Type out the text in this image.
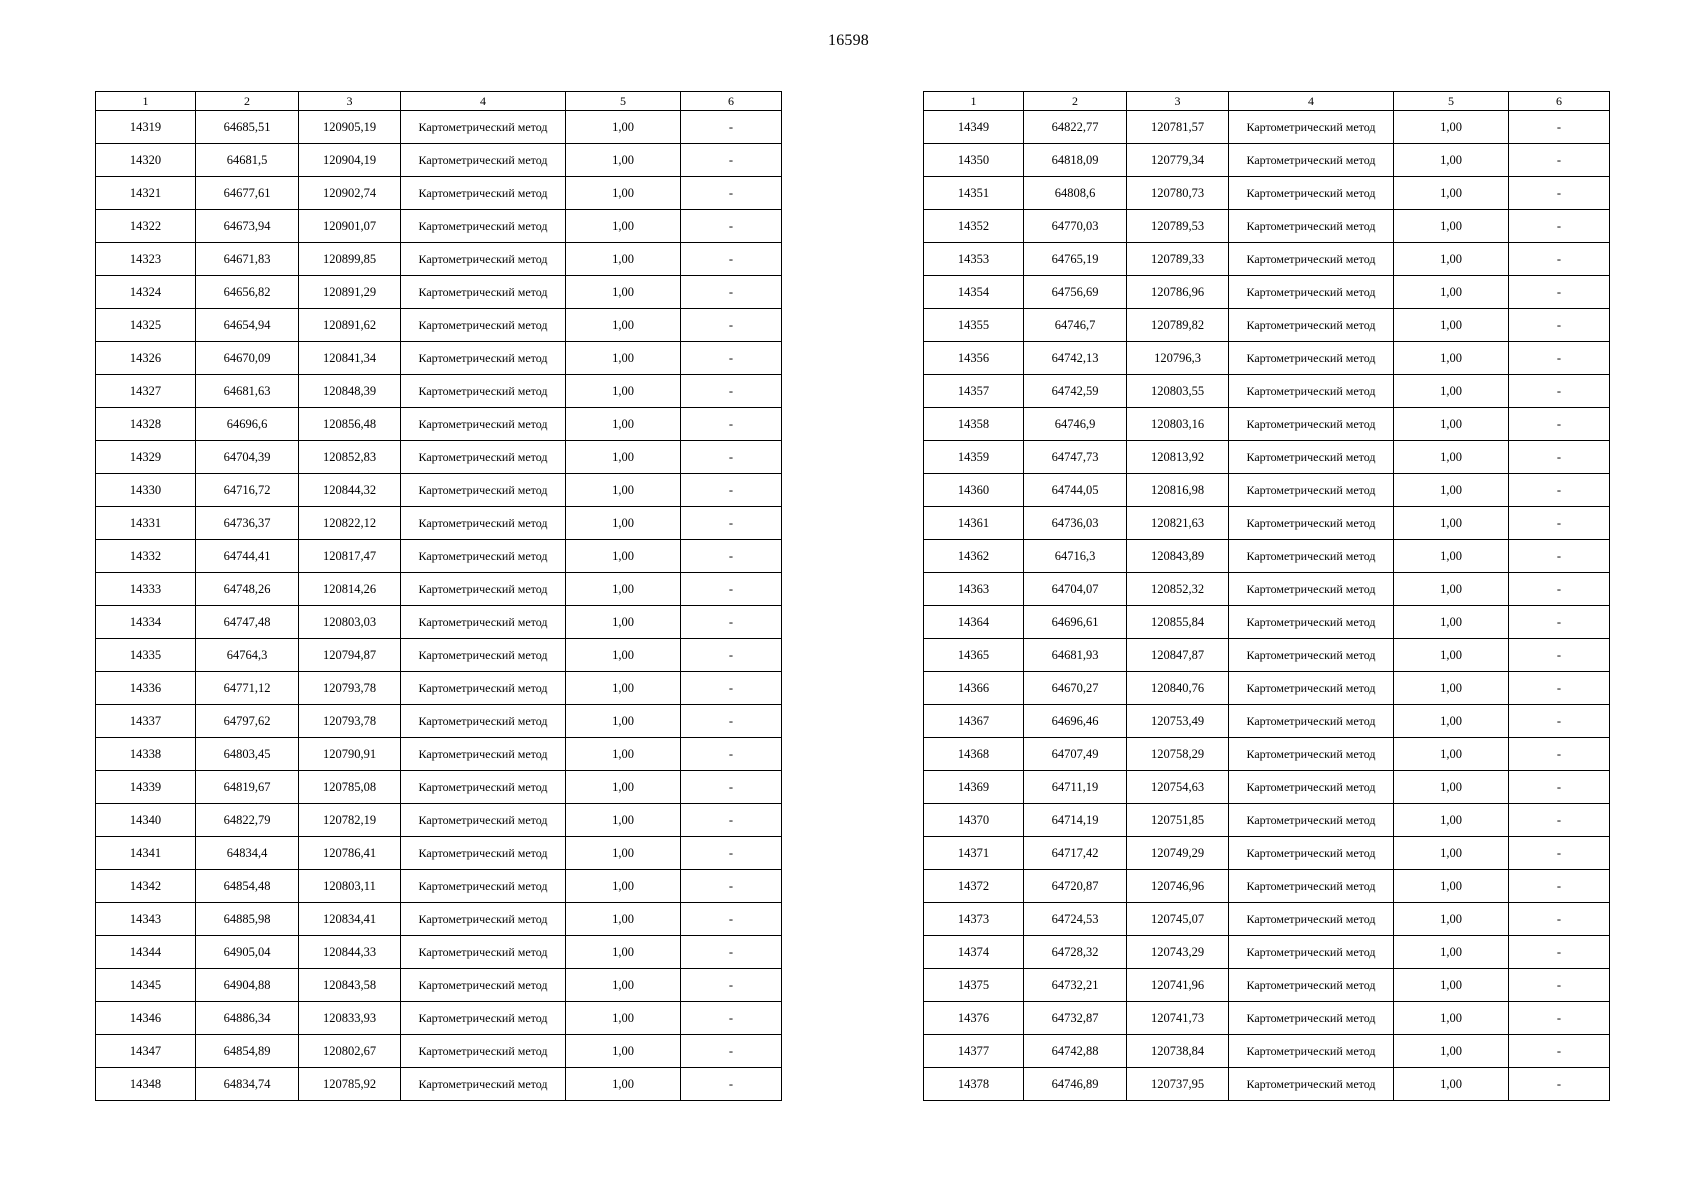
16598
1	2	3	4	5	6
14319	64685,51	120905,19	Картометрический метод	1,00	-
14320	64681,5	120904,19	Картометрический метод	1,00	-
14321	64677,61	120902,74	Картометрический метод	1,00	-
14322	64673,94	120901,07	Картометрический метод	1,00	-
14323	64671,83	120899,85	Картометрический метод	1,00	-
14324	64656,82	120891,29	Картометрический метод	1,00	-
14325	64654,94	120891,62	Картометрический метод	1,00	-
14326	64670,09	120841,34	Картометрический метод	1,00	-
14327	64681,63	120848,39	Картометрический метод	1,00	-
14328	64696,6	120856,48	Картометрический метод	1,00	-
14329	64704,39	120852,83	Картометрический метод	1,00	-
14330	64716,72	120844,32	Картометрический метод	1,00	-
14331	64736,37	120822,12	Картометрический метод	1,00	-
14332	64744,41	120817,47	Картометрический метод	1,00	-
14333	64748,26	120814,26	Картометрический метод	1,00	-
14334	64747,48	120803,03	Картометрический метод	1,00	-
14335	64764,3	120794,87	Картометрический метод	1,00	-
14336	64771,12	120793,78	Картометрический метод	1,00	-
14337	64797,62	120793,78	Картометрический метод	1,00	-
14338	64803,45	120790,91	Картометрический метод	1,00	-
14339	64819,67	120785,08	Картометрический метод	1,00	-
14340	64822,79	120782,19	Картометрический метод	1,00	-
14341	64834,4	120786,41	Картометрический метод	1,00	-
14342	64854,48	120803,11	Картометрический метод	1,00	-
14343	64885,98	120834,41	Картометрический метод	1,00	-
14344	64905,04	120844,33	Картометрический метод	1,00	-
14345	64904,88	120843,58	Картометрический метод	1,00	-
14346	64886,34	120833,93	Картометрический метод	1,00	-
14347	64854,89	120802,67	Картометрический метод	1,00	-
14348	64834,74	120785,92	Картометрический метод	1,00	-
1	2	3	4	5	6
14349	64822,77	120781,57	Картометрический метод	1,00	-
14350	64818,09	120779,34	Картометрический метод	1,00	-
14351	64808,6	120780,73	Картометрический метод	1,00	-
14352	64770,03	120789,53	Картометрический метод	1,00	-
14353	64765,19	120789,33	Картометрический метод	1,00	-
14354	64756,69	120786,96	Картометрический метод	1,00	-
14355	64746,7	120789,82	Картометрический метод	1,00	-
14356	64742,13	120796,3	Картометрический метод	1,00	-
14357	64742,59	120803,55	Картометрический метод	1,00	-
14358	64746,9	120803,16	Картометрический метод	1,00	-
14359	64747,73	120813,92	Картометрический метод	1,00	-
14360	64744,05	120816,98	Картометрический метод	1,00	-
14361	64736,03	120821,63	Картометрический метод	1,00	-
14362	64716,3	120843,89	Картометрический метод	1,00	-
14363	64704,07	120852,32	Картометрический метод	1,00	-
14364	64696,61	120855,84	Картометрический метод	1,00	-
14365	64681,93	120847,87	Картометрический метод	1,00	-
14366	64670,27	120840,76	Картометрический метод	1,00	-
14367	64696,46	120753,49	Картометрический метод	1,00	-
14368	64707,49	120758,29	Картометрический метод	1,00	-
14369	64711,19	120754,63	Картометрический метод	1,00	-
14370	64714,19	120751,85	Картометрический метод	1,00	-
14371	64717,42	120749,29	Картометрический метод	1,00	-
14372	64720,87	120746,96	Картометрический метод	1,00	-
14373	64724,53	120745,07	Картометрический метод	1,00	-
14374	64728,32	120743,29	Картометрический метод	1,00	-
14375	64732,21	120741,96	Картометрический метод	1,00	-
14376	64732,87	120741,73	Картометрический метод	1,00	-
14377	64742,88	120738,84	Картометрический метод	1,00	-
14378	64746,89	120737,95	Картометрический метод	1,00	-
